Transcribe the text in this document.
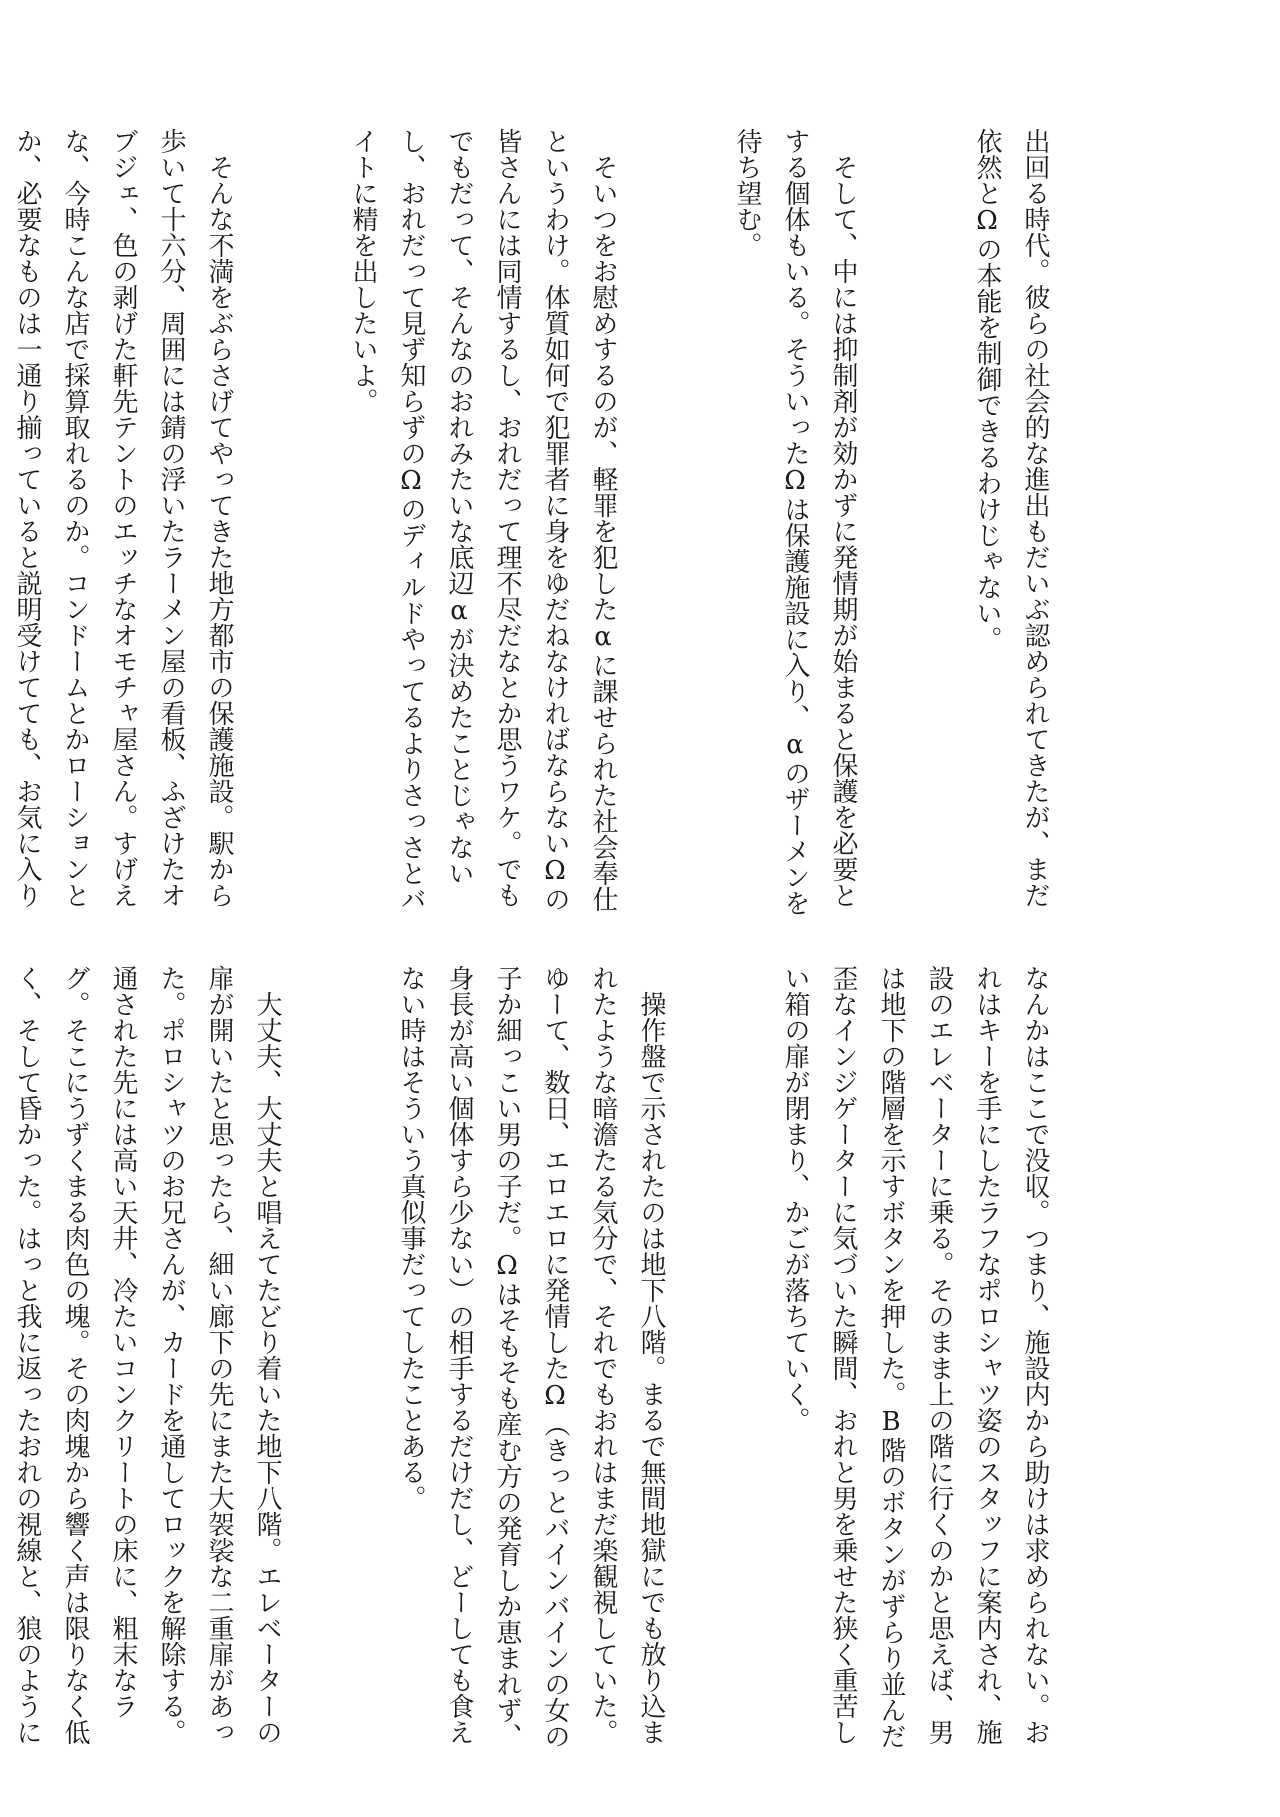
出回る時代。彼らの社会的な進出もだいぶ認められてきたが、まだ依然とΩの本能を制御できるわけじゃない。

そして、中には抑制剤が効かずに発情期が始まると保護を必要とする個体もいる。そういったΩは保護施設に入り、αのザーメンを待ち望む。

そいつをお慰めするのが、軽罪を犯したαに課せられた社会奉仕というわけ。体質如何で犯罪者に身をゆだねなければならないΩの皆さんには同情するし、おれだって理不尽だなとか思うワケ。でもでもだって、そんなのおれみたいな底辺αが決めたことじゃないし、おれだって見ず知らずのΩのディルドやってるよりさっさとバイトに精を出したいよ。

そんな不満をぶらさげてやってきた地方都市の保護施設。駅から歩いて十六分、周囲には錆の浮いたラーメン屋の看板、ふざけたオブジェ、色の剥げた軒先テントのエッチなオモチャ屋さん。すげえな、今時こんな店で採算取れるのか。コンドームとかローションとか、必要なものは一通り揃っていると説明受けてても、お気に入り

なんかはここで没収。つまり、施設内から助けは求められない。おれはキーを手にしたラフなポロシャツ姿のスタッフに案内され、施設のエレベーターに乗る。そのまま上の階に行くのかと思えば、男は地下の階層を示すボタンを押した。B階のボタンがずらり並んだ歪なインジゲーターに気づいた瞬間、おれと男を乗せた狭く重苦しい箱の扉が閉まり、かごが落ちていく。

操作盤で示されたのは地下八階。まるで無間地獄にでも放り込まれたような暗澹たる気分で、それでもおれはまだ楽観視していた。ゆーて、数日、エロエロに発情したΩ（きっとバインバインの女の子か細っこい男の子だ。Ωはそもそも産む方の発育しか恵まれず、身長が高い個体すら少ない）の相手するだけだし、どーしても食えない時はそういう真似事だってしたことある。

大丈夫、大丈夫と唱えてたどり着いた地下八階。エレベーターの扉が開いたと思ったら、細い廊下の先にまた大袈裟な二重扉があった。ポロシャツのお兄さんが、カードを通してロックを解除する。通された先には高い天井、冷たいコンクリートの床に、粗末なラグ。そこにうずくまる肉色の塊。その肉塊から響く声は限りなく低く、そして昏かった。はっと我に返ったおれの視線と、狼のように
